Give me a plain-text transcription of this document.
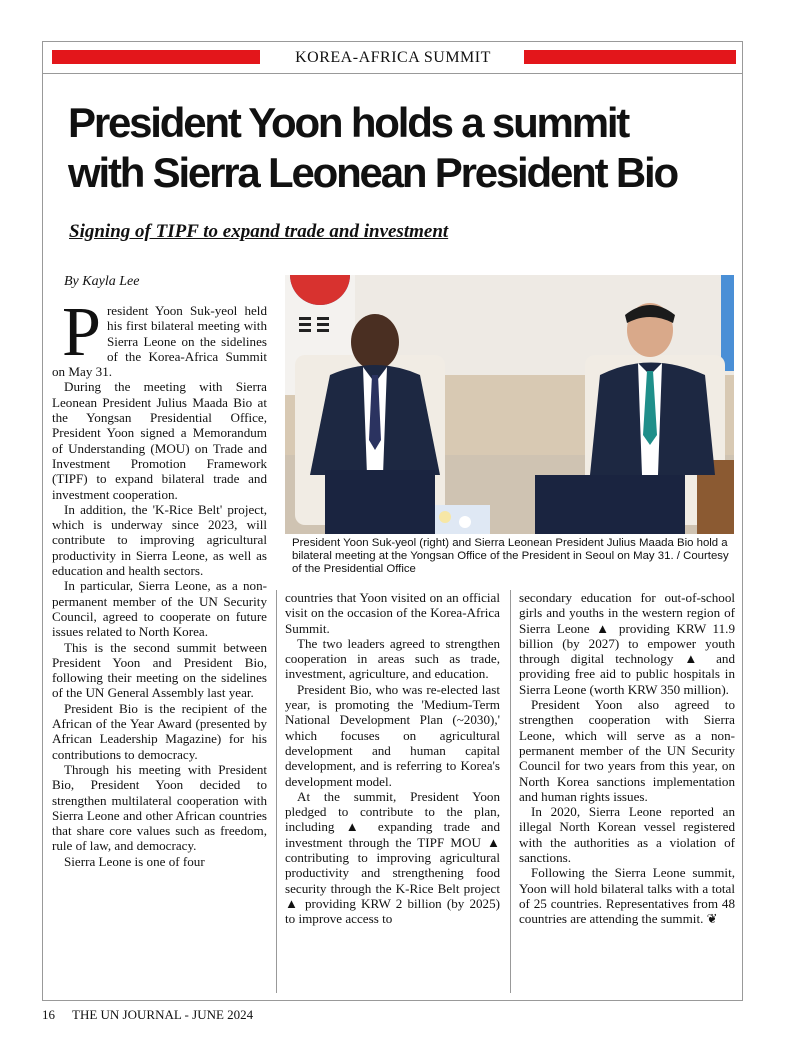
KOREA-AFRICA SUMMIT
President Yoon holds a summit
with Sierra Leonean President Bio
Signing of TIPF to expand trade and investment
By Kayla Lee
President Yoon Suk-yeol (right) and Sierra Leonean President Julius Maada Bio hold a bilateral meeting at the Yongsan Office of the President in Seoul on May 31. / Courtesy of the Presidential Office
P resident Yoon Suk-yeol held his first bilateral meeting with Sierra Leone on the sidelines of the Korea-Africa Summit on May 31.

During the meeting with Sierra Leonean President Julius Maada Bio at the Yongsan Presidential Office, President Yoon signed a Memorandum of Understanding (MOU) on Trade and Investment Promotion Framework (TIPF) to expand bilateral trade and investment cooperation.

In addition, the 'K-Rice Belt' project, which is underway since 2023, will contribute to improving agricultural productivity in Sierra Leone, as well as education and health sectors.

In particular, Sierra Leone, as a non-permanent member of the UN Security Council, agreed to cooperate on future issues related to North Korea.

This is the second summit between President Yoon and President Bio, following their meeting on the sidelines of the UN General Assembly last year.

President Bio is the recipient of the African of the Year Award (presented by African Leadership Magazine) for his contributions to democracy.

Through his meeting with President Bio, President Yoon decided to strengthen multilateral cooperation with Sierra Leone and other African countries that share core values such as freedom, rule of law, and democracy.

Sierra Leone is one of four

countries that Yoon visited on an official visit on the occasion of the Korea-Africa Summit.

The two leaders agreed to strengthen cooperation in areas such as trade, investment, agriculture, and education.

President Bio, who was re-elected last year, is promoting the 'Medium-Term National Development Plan (~2030),' which focuses on agricultural development and human capital development, and is referring to Korea's development model.

At the summit, President Yoon pledged to contribute to the plan, including ▲ expanding trade and investment through the TIPF MOU ▲ contributing to improving agricultural productivity and strengthening food security through the K-Rice Belt project ▲ providing KRW 2 billion (by 2025) to improve access to

secondary education for out-of-school girls and youths in the western region of Sierra Leone ▲ providing KRW 11.9 billion (by 2027) to empower youth through digital technology ▲ and providing free aid to public hospitals in Sierra Leone (worth KRW 350 million).

President Yoon also agreed to strengthen cooperation with Sierra Leone, which will serve as a non-permanent member of the UN Security Council for two years from this year, on North Korea sanctions implementation and human rights issues.

In 2020, Sierra Leone reported an illegal North Korean vessel registered with the authorities as a violation of sanctions.

Following the Sierra Leone summit, Yoon will hold bilateral talks with a total of 25 countries. Representatives from 48 countries are attending the summit. ❦

16 THE UN JOURNAL - JUNE 2024
